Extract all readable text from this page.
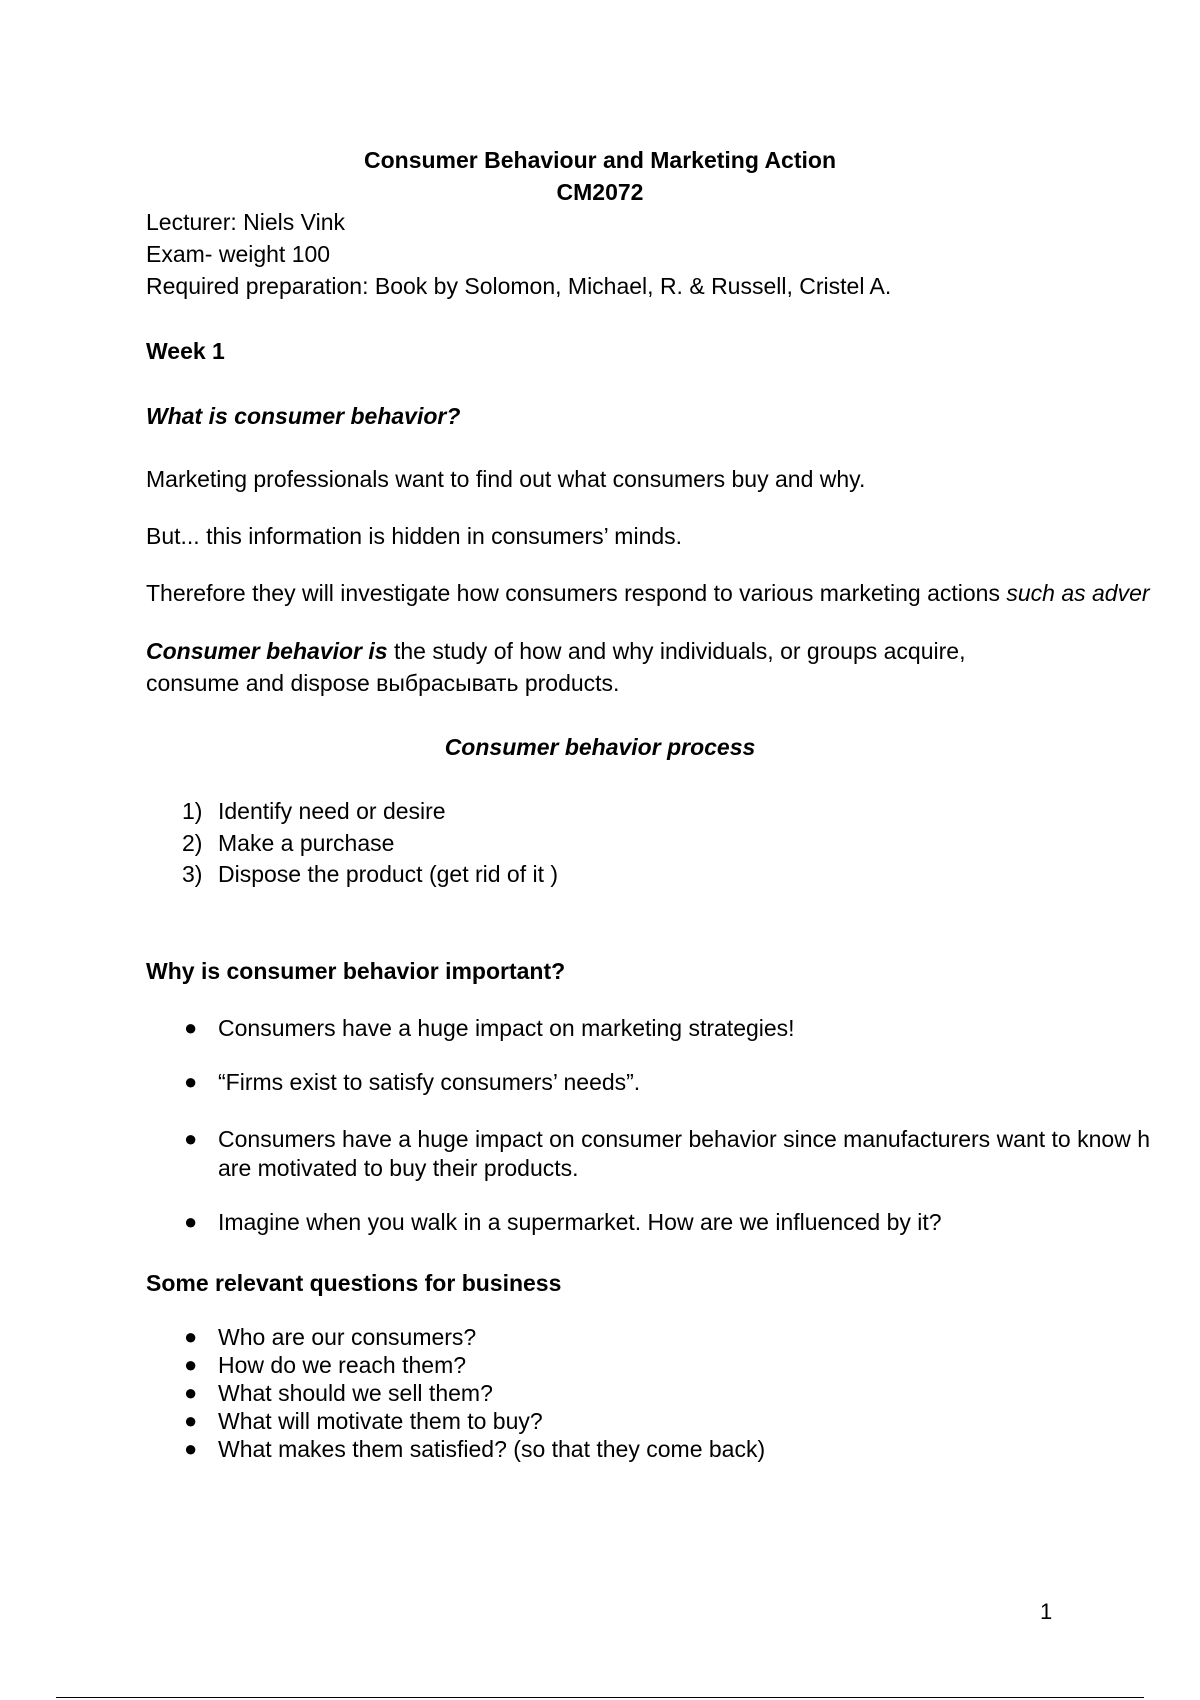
Consumer Behaviour and Marketing Action
CM2072
Lecturer: Niels Vink
Exam- weight 100
Required preparation: Book by Solomon, Michael, R. & Russell, Cristel A.
Week 1
What is consumer behavior?
Marketing professionals want to find out what consumers buy and why.
But... this information is hidden in consumers’ minds.
Therefore they will investigate how consumers respond to various marketing actions such as adver
Consumer behavior is the study of how and why individuals, or groups acquire,
consume and dispose выбрасывать products.
Consumer behavior process
1) Identify need or desire
2) Make a purchase
3) Dispose the product (get rid of it )
Why is consumer behavior important?
● Consumers have a huge impact on marketing strategies!
● “Firms exist to satisfy consumers’ needs”.
● Consumers have a huge impact on consumer behavior since manufacturers want to know h
are motivated to buy their products.
● Imagine when you walk in a supermarket. How are we influenced by it?
Some relevant questions for business
● Who are our consumers?
● How do we reach them?
● What should we sell them?
● What will motivate them to buy?
● What makes them satisfied? (so that they come back)
1
